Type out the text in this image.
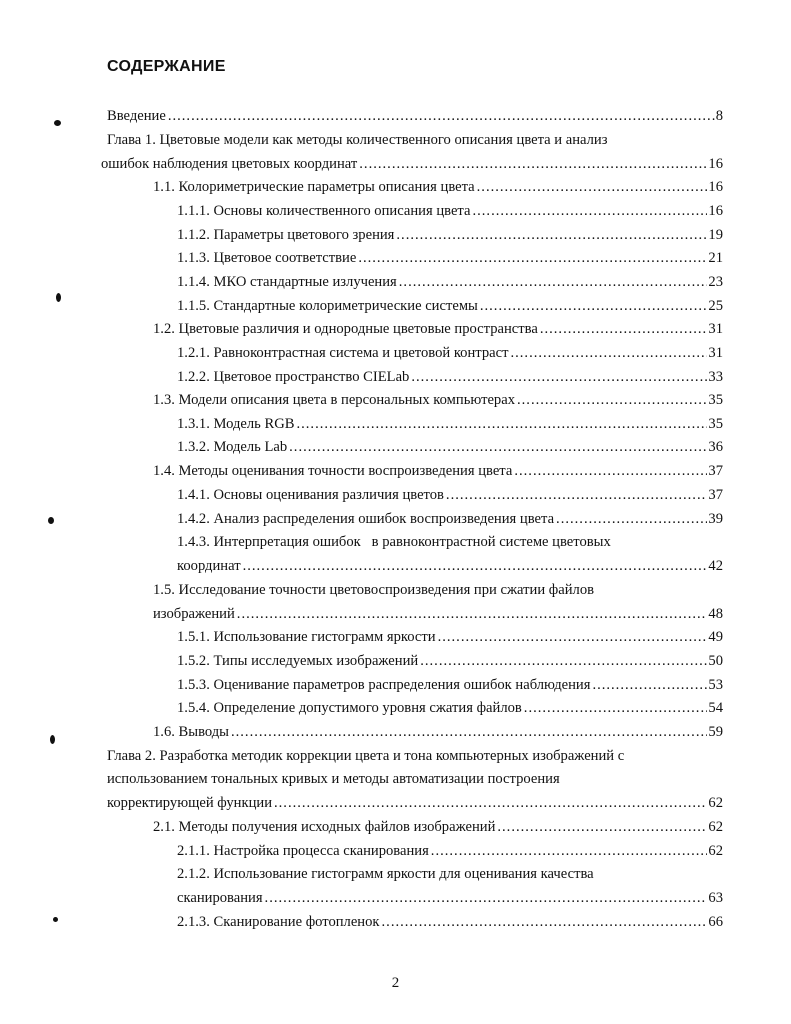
СОДЕРЖАНИЕ
Введение .....	8
Глава 1. Цветовые модели как методы количественного описания цвета и анализ
ошибок наблюдения цветовых координат .....	16
1.1. Колориметрические параметры описания цвета .....	16
1.1.1. Основы количественного описания цвета .....	16
1.1.2. Параметры цветового зрения .....	19
1.1.3. Цветовое соответствие .....	21
1.1.4. МКО стандартные излучения .....	23
1.1.5. Стандартные колориметрические системы .....	25
1.2. Цветовые различия и однородные цветовые пространства .....	31
1.2.1. Равноконтрастная система и цветовой контраст .....	31
1.2.2. Цветовое пространство CIELab .....	33
1.3. Модели описания цвета в персональных компьютерах .....	35
1.3.1. Модель RGB .....	35
1.3.2. Модель Lab .....	36
1.4. Методы оценивания точности воспроизведения цвета .....	37
1.4.1. Основы оценивания различия цветов .....	37
1.4.2. Анализ распределения ошибок воспроизведения цвета .....	39
1.4.3. Интерпретация ошибок   в равноконтрастной системе цветовых
координат .....	42
1.5. Исследование точности цветовоспроизведения при сжатии файлов
изображений .....	48
1.5.1. Использование гистограмм яркости .....	49
1.5.2. Типы исследуемых изображений .....	50
1.5.3. Оценивание параметров распределения ошибок наблюдения .....	53
1.5.4. Определение допустимого уровня сжатия файлов .....	54
1.6. Выводы .....	59
Глава 2. Разработка методик коррекции цвета и тона компьютерных изображений с
использованием тональных кривых и методы автоматизации построения
корректирующей функции .....	62
2.1. Методы получения исходных файлов изображений .....	62
2.1.1. Настройка процесса сканирования .....	62
2.1.2. Использование гистограмм яркости для оценивания качества
сканирования .....	63
2.1.3. Сканирование фотопленок .....	66
2
